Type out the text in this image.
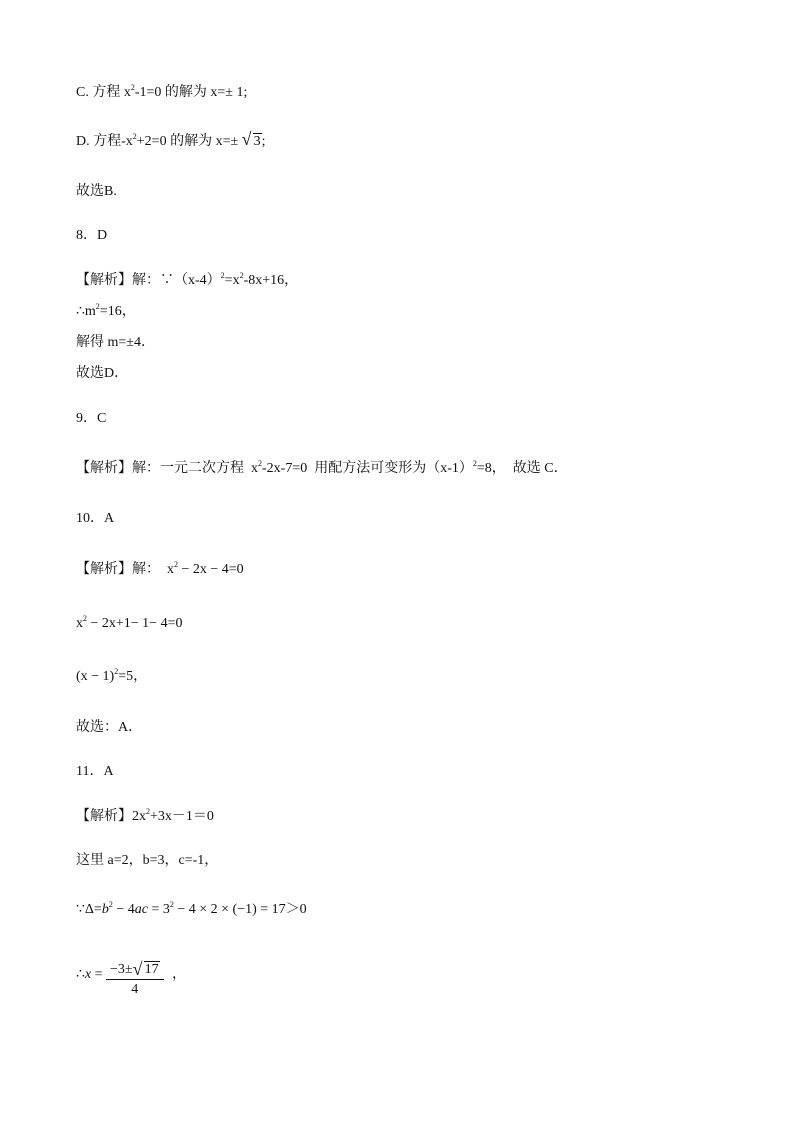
C. 方程 $x^2-1=0$ 的解为 x=± 1;
D. 方程$-x^2+2=0$ 的解为 x=± √ 3;
故选B.
8．D
【解析】解：$\because(x-4)^2=x^2-8x+16$，
$\therefore m^2=16$，
解得 m=±4．
故选D．
9．C
【解析】解：一元二次方程  $x^2-2x-7=0$  用配方法可变形为$(x-1)^2=8$，  故选 C．
10．A
【解析】解：  $x^2 - 2x - 4=0$
$x^2 - 2x+1- 1- 4=0$
$(x - 1)^2=5$，
故选：A．
11．A
【解析】$2x^2+3x-1=0$
这里 a=2，b=3，c=-1，
$\because\Delta=b^2 - 4ac = 3^2 - 4 \times 2 \times (-1) = 17>0$
∴x = $\frac{-3\pm √ 17}{4}$ ，
